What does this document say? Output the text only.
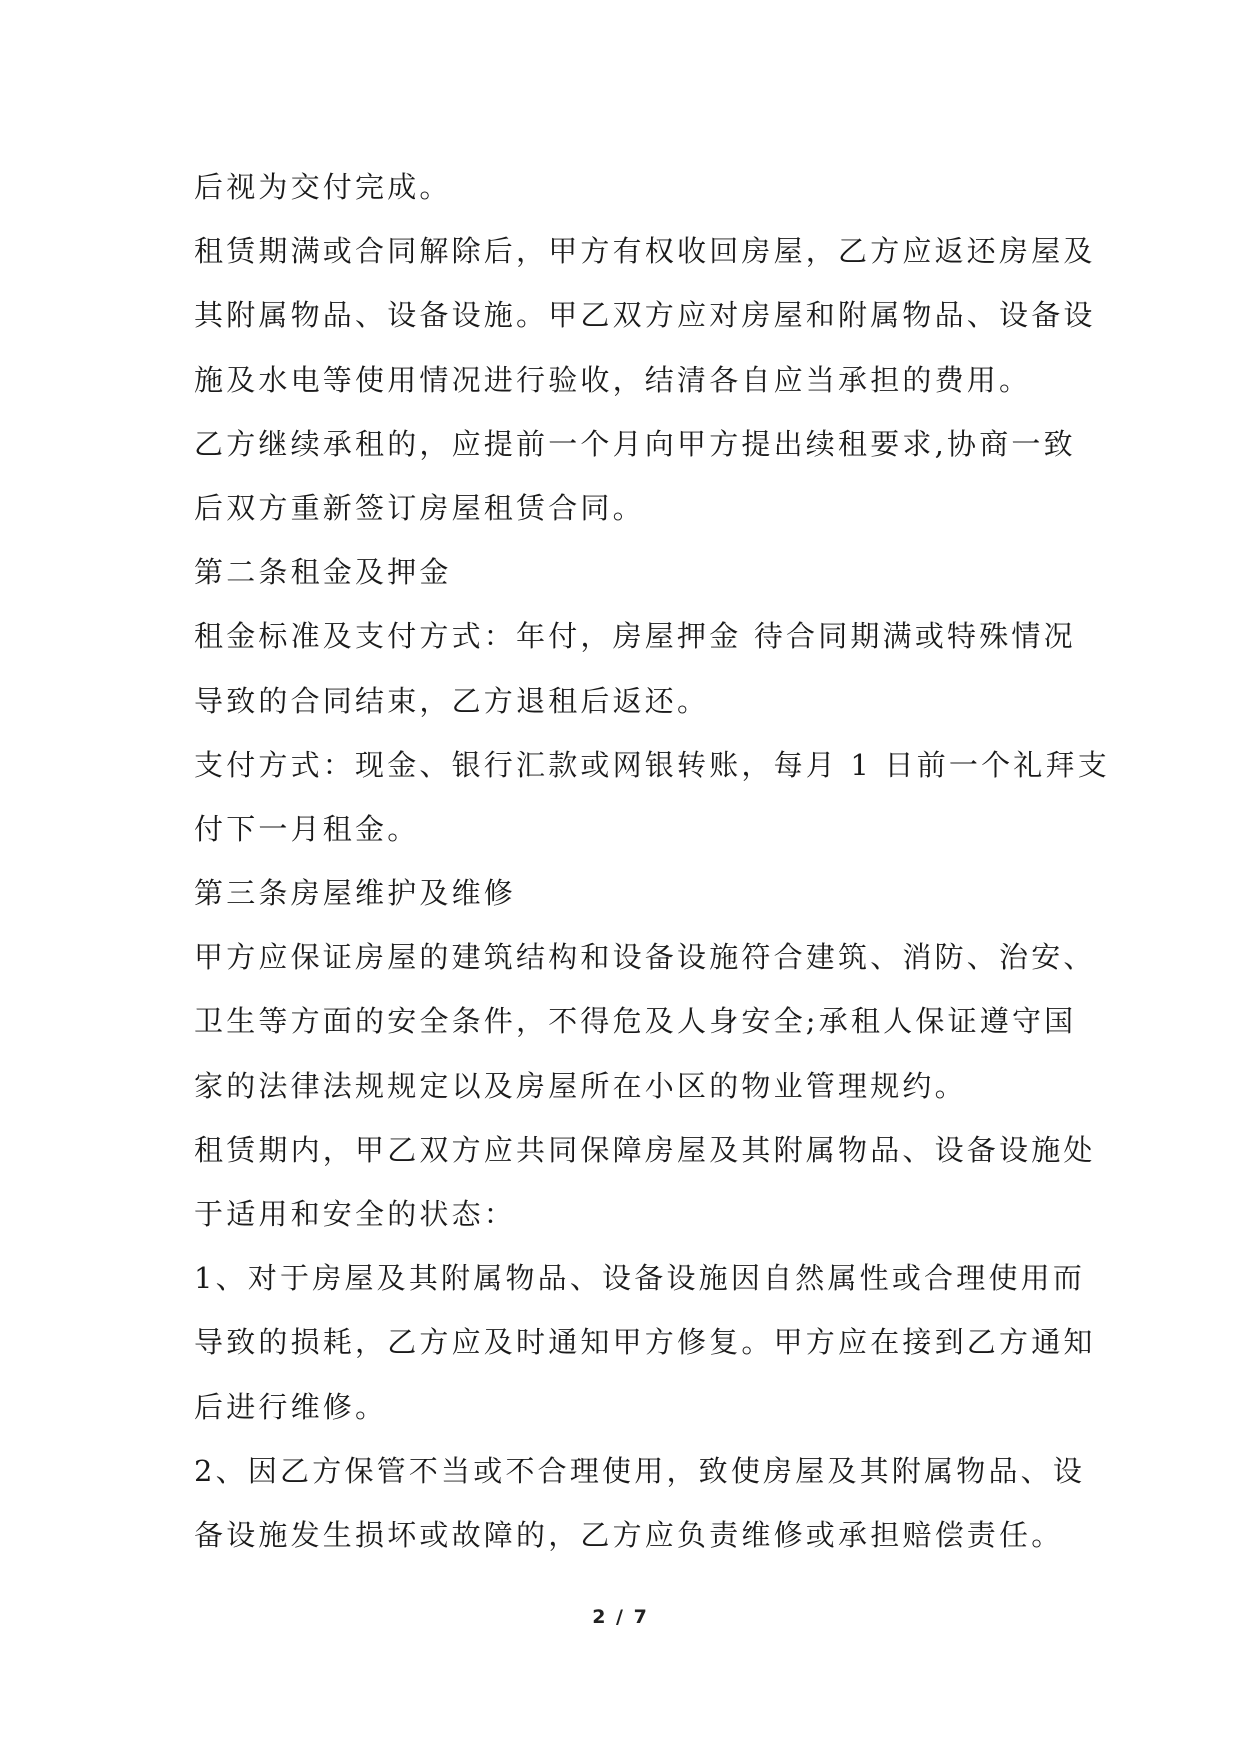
后视为交付完成。
租赁期满或合同解除后，甲方有权收回房屋，乙方应返还房屋及
其附属物品、设备设施。甲乙双方应对房屋和附属物品、设备设
施及水电等使用情况进行验收，结清各自应当承担的费用。
乙方继续承租的，应提前一个月向甲方提出续租要求,协商一致
后双方重新签订房屋租赁合同。
第二条租金及押金
租金标准及支付方式：年付，房屋押金 待合同期满或特殊情况
导致的合同结束，乙方退租后返还。
支付方式：现金、银行汇款或网银转账，每月 1 日前一个礼拜支
付下一月租金。
第三条房屋维护及维修
甲方应保证房屋的建筑结构和设备设施符合建筑、消防、治安、
卫生等方面的安全条件，不得危及人身安全;承租人保证遵守国
家的法律法规规定以及房屋所在小区的物业管理规约。
租赁期内，甲乙双方应共同保障房屋及其附属物品、设备设施处
于适用和安全的状态：
1、对于房屋及其附属物品、设备设施因自然属性或合理使用而
导致的损耗，乙方应及时通知甲方修复。甲方应在接到乙方通知
后进行维修。
2、因乙方保管不当或不合理使用，致使房屋及其附属物品、设
备设施发生损坏或故障的，乙方应负责维修或承担赔偿责任。
2 / 7
